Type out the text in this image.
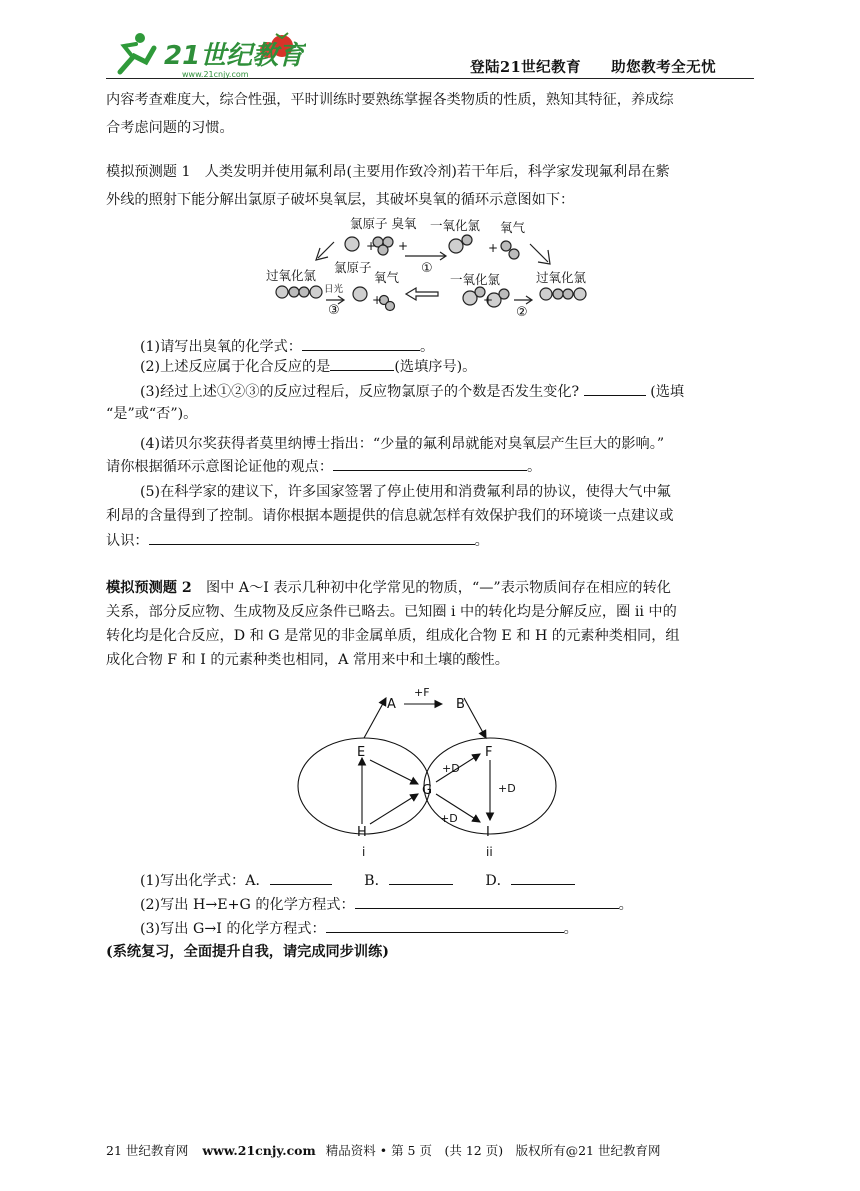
21世纪教育
www.21cnjy.com	登陆21世纪教育　　助您教考全无忧
内容考查难度大，综合性强，平时训练时要熟练掌握各类物质的性质，熟知其特征，养成综
合考虑问题的习惯。
模拟预测题 1　人类发明并使用氟利昂(主要用作致冷剂)若干年后，科学家发现氟利昂在紫
外线的照射下能分解出氯原子破坏臭氧层，其破坏臭氧的循环示意图如下：
氯原子 臭氧 一氧化氯 氧气
①
过氧化氯
氯原子
日光
氧气	一氧化氯	过氧化氯
③	②
+ +	+
+	+
(1)请写出臭氧的化学式：	。
(2)上述反应属于化合反应的是	(选填序号)。
(3)经过上述①②③的反应过程后，反应物氯原子的个数是否发生变化?	(选填
“是”或“否”)。
(4)诺贝尔奖获得者莫里纳博士指出：“少量的氟利昂就能对臭氧层产生巨大的影响。”
请你根据循环示意图论证他的观点：	。
(5)在科学家的建议下，许多国家签署了停止使用和消费氟利昂的协议，使得大气中氟
利昂的含量得到了控制。请你根据本题提供的信息就怎样有效保护我们的环境谈一点建议或
认识：	。
模拟预测题 2　图中 A～I 表示几种初中化学常见的物质，“—”表示物质间存在相应的转化
关系，部分反应物、生成物及反应条件已略去。已知圈 i 中的转化均是分解反应，圈 ii 中的
转化均是化合反应，D 和 G 是常见的非金属单质，组成化合物 E 和 H 的元素种类相同，组
成化合物 F 和 I 的元素种类也相同，A 常用来中和土壤的酸性。
A
+F
B
E	F
G
H	I
+D
+D
+D
i	ii
(1)写出化学式：A．	B．	D．
(2)写出 H→E+G 的化学方程式：	。
(3)写出 G→I 的化学方程式：	。
(系统复习，全面提升自我，请完成同步训练)
21 世纪教育网 www.21cnjy.com 精品资料 • 第 5 页　(共 12 页)　版权所有@21 世纪教育网
